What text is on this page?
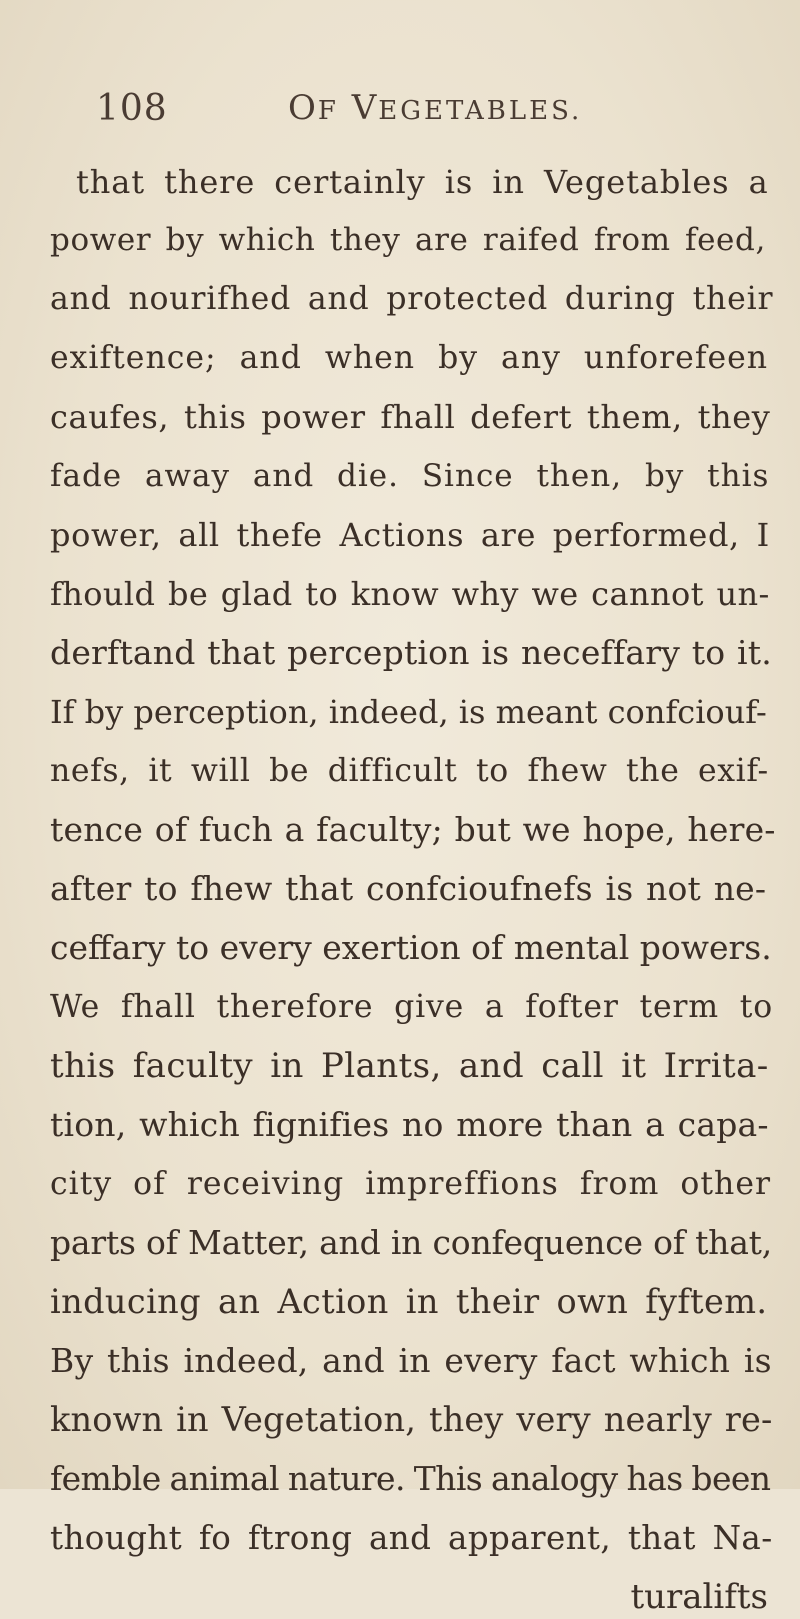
108	OF VEGETABLES.
that there certainly is in Vegetables a
power by which they are raifed from feed,
and nourifhed and protected during their
exiftence; and when by any unforefeen
caufes, this power fhall defert them, they
fade away and die. Since then, by this
power, all thefe Actions are performed, I
fhould be glad to know why we cannot un-
derftand that perception is neceffary to it.
If by perception, indeed, is meant confciouf-
nefs, it will be difficult to fhew the exif-
tence of fuch a faculty; but we hope, here-
after to fhew that confcioufnefs is not ne-
ceffary to every exertion of mental powers.
We fhall therefore give a fofter term to
this faculty in Plants, and call it Irrita-
tion, which fignifies no more than a capa-
city of receiving impreffions from other
parts of Matter, and in confequence of that,
inducing an Action in their own fyftem.
By this indeed, and in every fact which is
known in Vegetation, they very nearly re-
femble animal nature. This analogy has been
thought fo ftrong and apparent, that Na-
turalifts
